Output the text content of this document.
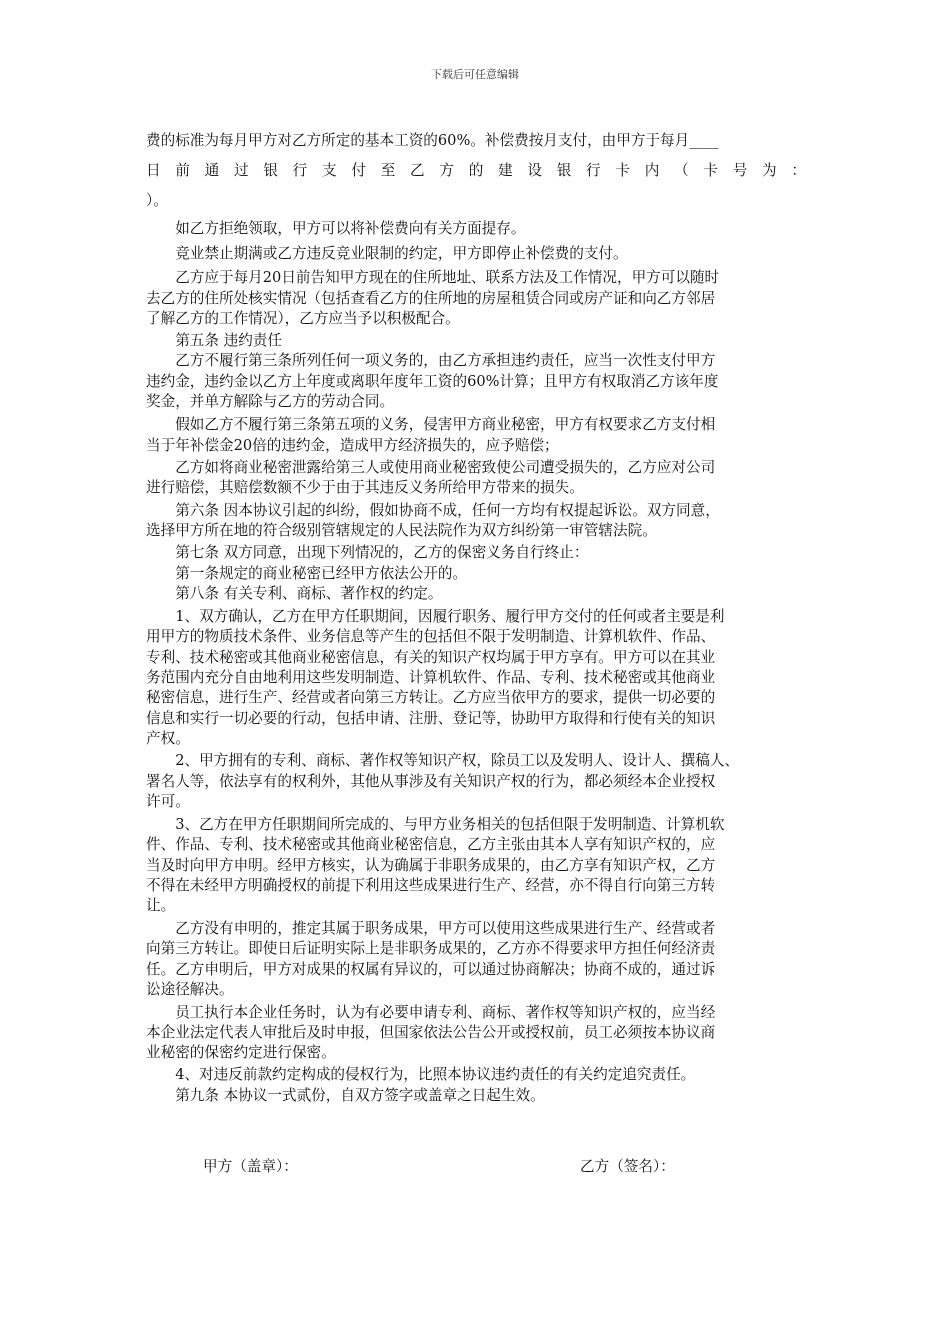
下载后可任意编辑
费的标准为每月甲方对乙方所定的基本工资的60%。补偿费按月支付，由甲方于每月____
日前通过银行支付至乙方的建设银行卡内（卡号为：
）。
　　如乙方拒绝领取，甲方可以将补偿费向有关方面提存。
　　竞业禁止期满或乙方违反竞业限制的约定，甲方即停止补偿费的支付。
　　乙方应于每月20日前告知甲方现在的住所地址、联系方法及工作情况，甲方可以随时
去乙方的住所处核实情况（包括查看乙方的住所地的房屋租赁合同或房产证和向乙方邻居
了解乙方的工作情况），乙方应当予以积极配合。
　　第五条 违约责任
　　乙方不履行第三条所列任何一项义务的，由乙方承担违约责任，应当一次性支付甲方
违约金，违约金以乙方上年度或离职年度年工资的60%计算；且甲方有权取消乙方该年度
奖金，并单方解除与乙方的劳动合同。
　　假如乙方不履行第三条第五项的义务，侵害甲方商业秘密，甲方有权要求乙方支付相
当于年补偿金20倍的违约金，造成甲方经济损失的，应予赔偿；
　　乙方如将商业秘密泄露给第三人或使用商业秘密致使公司遭受损失的，乙方应对公司
进行赔偿，其赔偿数额不少于由于其违反义务所给甲方带来的损失。
　　第六条 因本协议引起的纠纷，假如协商不成，任何一方均有权提起诉讼。双方同意，
选择甲方所在地的符合级别管辖规定的人民法院作为双方纠纷第一审管辖法院。
　　第七条 双方同意，出现下列情况的，乙方的保密义务自行终止：
　　第一条规定的商业秘密已经甲方依法公开的。
　　第八条 有关专利、商标、著作权的约定。
　　1、双方确认，乙方在甲方任职期间，因履行职务、履行甲方交付的任何或者主要是利
用甲方的物质技术条件、业务信息等产生的包括但不限于发明制造、计算机软件、作品、
专利、技术秘密或其他商业秘密信息，有关的知识产权均属于甲方享有。甲方可以在其业
务范围内充分自由地利用这些发明制造、计算机软件、作品、专利、技术秘密或其他商业
秘密信息，进行生产、经营或者向第三方转让。乙方应当依甲方的要求，提供一切必要的
信息和实行一切必要的行动，包括申请、注册、登记等，协助甲方取得和行使有关的知识
产权。
　　2、甲方拥有的专利、商标、著作权等知识产权，除员工以及发明人、设计人、撰稿人、
署名人等，依法享有的权利外，其他从事涉及有关知识产权的行为，都必须经本企业授权
许可。
　　3、乙方在甲方任职期间所完成的、与甲方业务相关的包括但限于发明制造、计算机软
件、作品、专利、技术秘密或其他商业秘密信息，乙方主张由其本人享有知识产权的，应
当及时向甲方申明。经甲方核实，认为确属于非职务成果的，由乙方享有知识产权，乙方
不得在未经甲方明确授权的前提下利用这些成果进行生产、经营，亦不得自行向第三方转
让。
　　乙方没有申明的，推定其属于职务成果，甲方可以使用这些成果进行生产、经营或者
向第三方转让。即使日后证明实际上是非职务成果的，乙方亦不得要求甲方担任何经济责
任。乙方申明后，甲方对成果的权属有异议的，可以通过协商解决；协商不成的，通过诉
讼途径解决。
　　员工执行本企业任务时，认为有必要申请专利、商标、著作权等知识产权的，应当经
本企业法定代表人审批后及时申报，但国家依法公告公开或授权前，员工必须按本协议商
业秘密的保密约定进行保密。
　　4、对违反前款约定构成的侵权行为，比照本协议违约责任的有关约定追究责任。
　　第九条 本协议一式贰份，自双方签字或盖章之日起生效。
甲方（盖章）：	乙方（签名）：
